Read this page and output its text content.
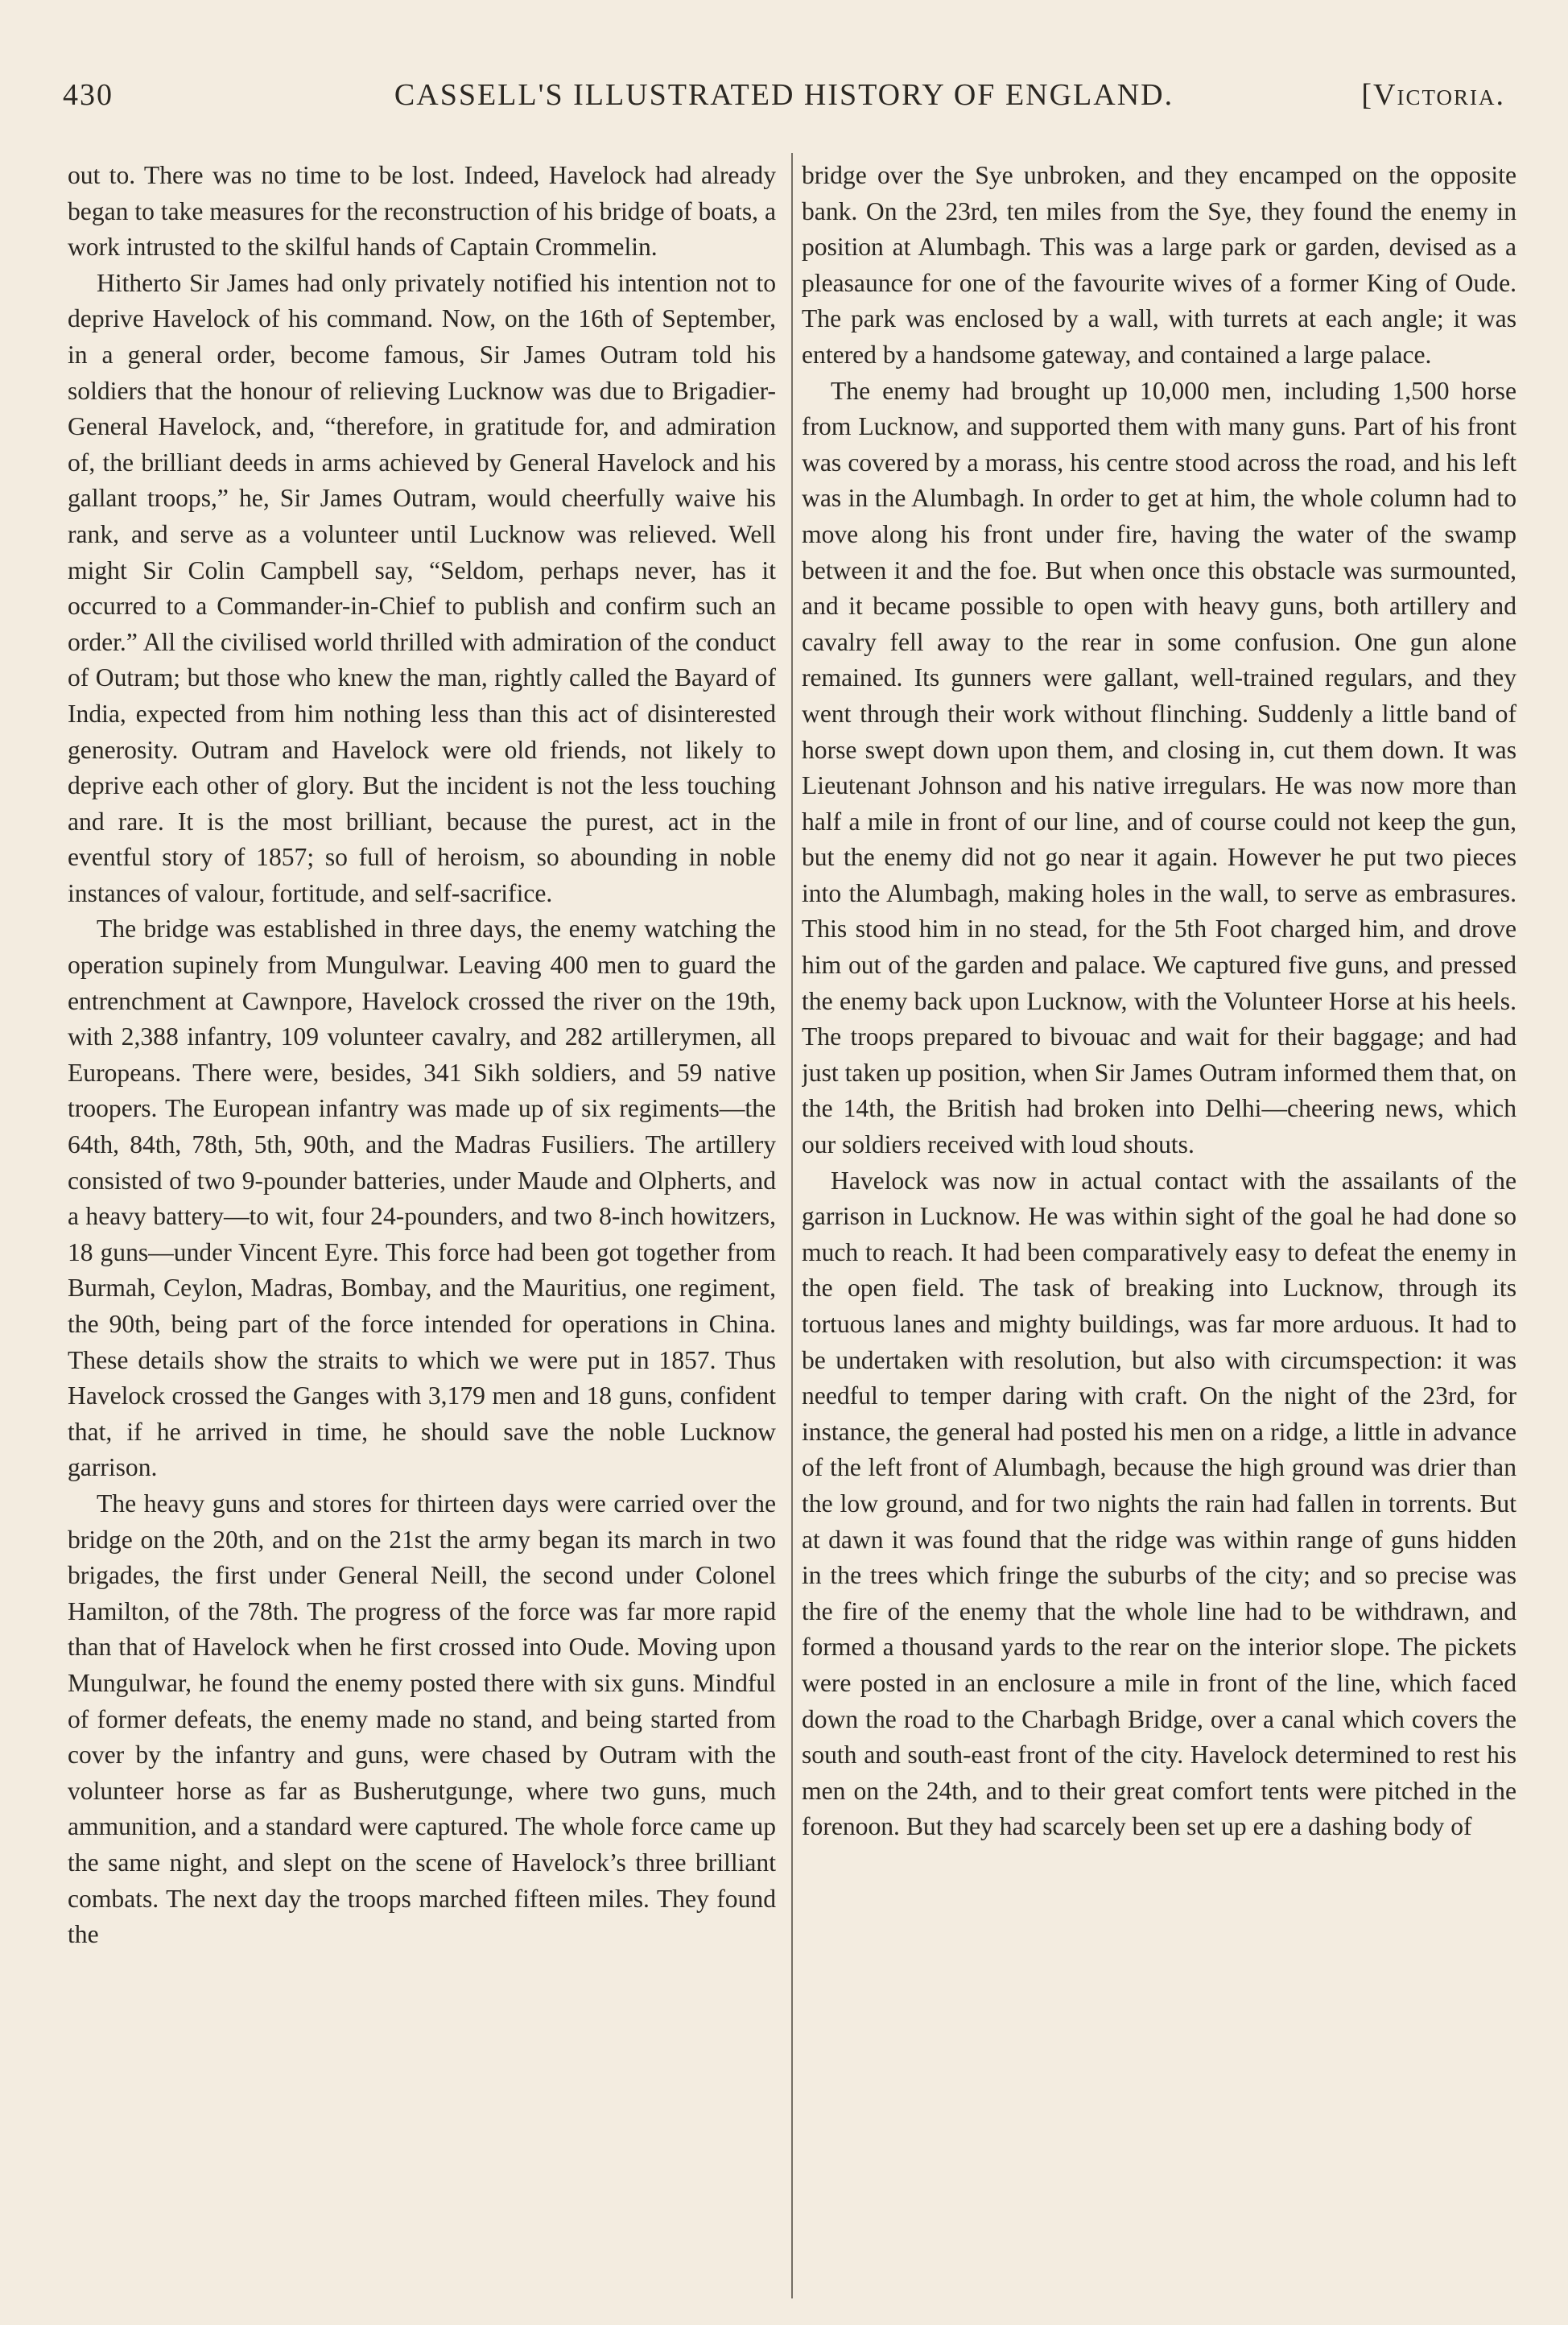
430	CASSELL'S ILLUSTRATED HISTORY OF ENGLAND.	[Victoria.

out to. There was no time to be lost. Indeed, Havelock had already began to take measures for the reconstruction of his bridge of boats, a work intrusted to the skilful hands of Captain Crommelin.

Hitherto Sir James had only privately notified his intention not to deprive Havelock of his command. Now, on the 16th of September, in a general order, become famous, Sir James Outram told his soldiers that the honour of relieving Lucknow was due to Brigadier-General Havelock, and, “therefore, in gratitude for, and admiration of, the brilliant deeds in arms achieved by General Havelock and his gallant troops,” he, Sir James Outram, would cheerfully waive his rank, and serve as a volunteer until Lucknow was relieved. Well might Sir Colin Campbell say, “Seldom, perhaps never, has it occurred to a Commander-in-Chief to publish and confirm such an order.” All the civilised world thrilled with admiration of the conduct of Outram; but those who knew the man, rightly called the Bayard of India, expected from him nothing less than this act of disinterested generosity. Outram and Havelock were old friends, not likely to deprive each other of glory. But the incident is not the less touching and rare. It is the most brilliant, because the purest, act in the eventful story of 1857; so full of heroism, so abounding in noble instances of valour, fortitude, and self-sacrifice.

The bridge was established in three days, the enemy watching the operation supinely from Mungulwar. Leaving 400 men to guard the entrenchment at Cawnpore, Havelock crossed the river on the 19th, with 2,388 infantry, 109 volunteer cavalry, and 282 artillerymen, all Europeans. There were, besides, 341 Sikh soldiers, and 59 native troopers. The European infantry was made up of six regiments—the 64th, 84th, 78th, 5th, 90th, and the Madras Fusiliers. The artillery consisted of two 9-pounder batteries, under Maude and Olpherts, and a heavy battery—to wit, four 24-pounders, and two 8-inch howitzers, 18 guns—under Vincent Eyre. This force had been got together from Burmah, Ceylon, Madras, Bombay, and the Mauritius, one regiment, the 90th, being part of the force intended for operations in China. These details show the straits to which we were put in 1857. Thus Havelock crossed the Ganges with 3,179 men and 18 guns, confident that, if he arrived in time, he should save the noble Lucknow garrison.

The heavy guns and stores for thirteen days were carried over the bridge on the 20th, and on the 21st the army began its march in two brigades, the first under General Neill, the second under Colonel Hamilton, of the 78th. The progress of the force was far more rapid than that of Havelock when he first crossed into Oude. Moving upon Mungulwar, he found the enemy posted there with six guns. Mindful of former defeats, the enemy made no stand, and being started from cover by the infantry and guns, were chased by Outram with the volunteer horse as far as Busherutgunge, where two guns, much ammunition, and a standard were captured. The whole force came up the same night, and slept on the scene of Havelock’s three brilliant combats. The next day the troops marched fifteen miles. They found the

bridge over the Sye unbroken, and they encamped on the opposite bank. On the 23rd, ten miles from the Sye, they found the enemy in position at Alumbagh. This was a large park or garden, devised as a pleasaunce for one of the favourite wives of a former King of Oude. The park was enclosed by a wall, with turrets at each angle; it was entered by a handsome gateway, and contained a large palace.

The enemy had brought up 10,000 men, including 1,500 horse from Lucknow, and supported them with many guns. Part of his front was covered by a morass, his centre stood across the road, and his left was in the Alumbagh. In order to get at him, the whole column had to move along his front under fire, having the water of the swamp between it and the foe. But when once this obstacle was surmounted, and it became possible to open with heavy guns, both artillery and cavalry fell away to the rear in some confusion. One gun alone remained. Its gunners were gallant, well-trained regulars, and they went through their work without flinching. Suddenly a little band of horse swept down upon them, and closing in, cut them down. It was Lieutenant Johnson and his native irregulars. He was now more than half a mile in front of our line, and of course could not keep the gun, but the enemy did not go near it again. However he put two pieces into the Alumbagh, making holes in the wall, to serve as embrasures. This stood him in no stead, for the 5th Foot charged him, and drove him out of the garden and palace. We captured five guns, and pressed the enemy back upon Lucknow, with the Volunteer Horse at his heels. The troops prepared to bivouac and wait for their baggage; and had just taken up position, when Sir James Outram informed them that, on the 14th, the British had broken into Delhi—cheering news, which our soldiers received with loud shouts.

Havelock was now in actual contact with the assailants of the garrison in Lucknow. He was within sight of the goal he had done so much to reach. It had been comparatively easy to defeat the enemy in the open field. The task of breaking into Lucknow, through its tortuous lanes and mighty buildings, was far more arduous. It had to be undertaken with resolution, but also with circumspection: it was needful to temper daring with craft. On the night of the 23rd, for instance, the general had posted his men on a ridge, a little in advance of the left front of Alumbagh, because the high ground was drier than the low ground, and for two nights the rain had fallen in torrents. But at dawn it was found that the ridge was within range of guns hidden in the trees which fringe the suburbs of the city; and so precise was the fire of the enemy that the whole line had to be withdrawn, and formed a thousand yards to the rear on the interior slope. The pickets were posted in an enclosure a mile in front of the line, which faced down the road to the Charbagh Bridge, over a canal which covers the south and south-east front of the city. Havelock determined to rest his men on the 24th, and to their great comfort tents were pitched in the forenoon. But they had scarcely been set up ere a dashing body of
